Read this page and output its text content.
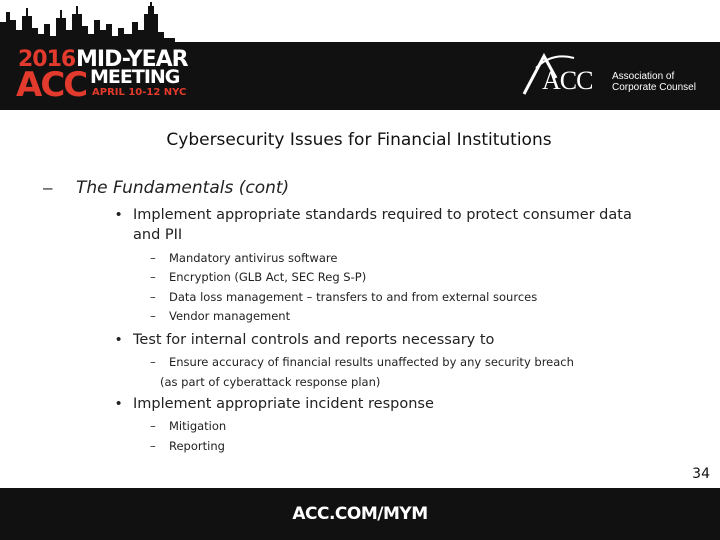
2016 MID-YEAR
ACC MEETING
APRIL 10-12 NYC	ACC Association of
Corporate Counsel
Cybersecurity Issues for Financial Institutions
– The Fundamentals (cont)
• Implement appropriate standards required to protect consumer data
and PII
– Mandatory antivirus software
– Encryption (GLB Act, SEC Reg S-P)
– Data loss management – transfers to and from external sources
– Vendor management
• Test for internal controls and reports necessary to
– Ensure accuracy of financial results unaffected by any security breach
(as part of cyberattack response plan)
• Implement appropriate incident response
– Mitigation
– Reporting
34
ACC.COM/MYM
